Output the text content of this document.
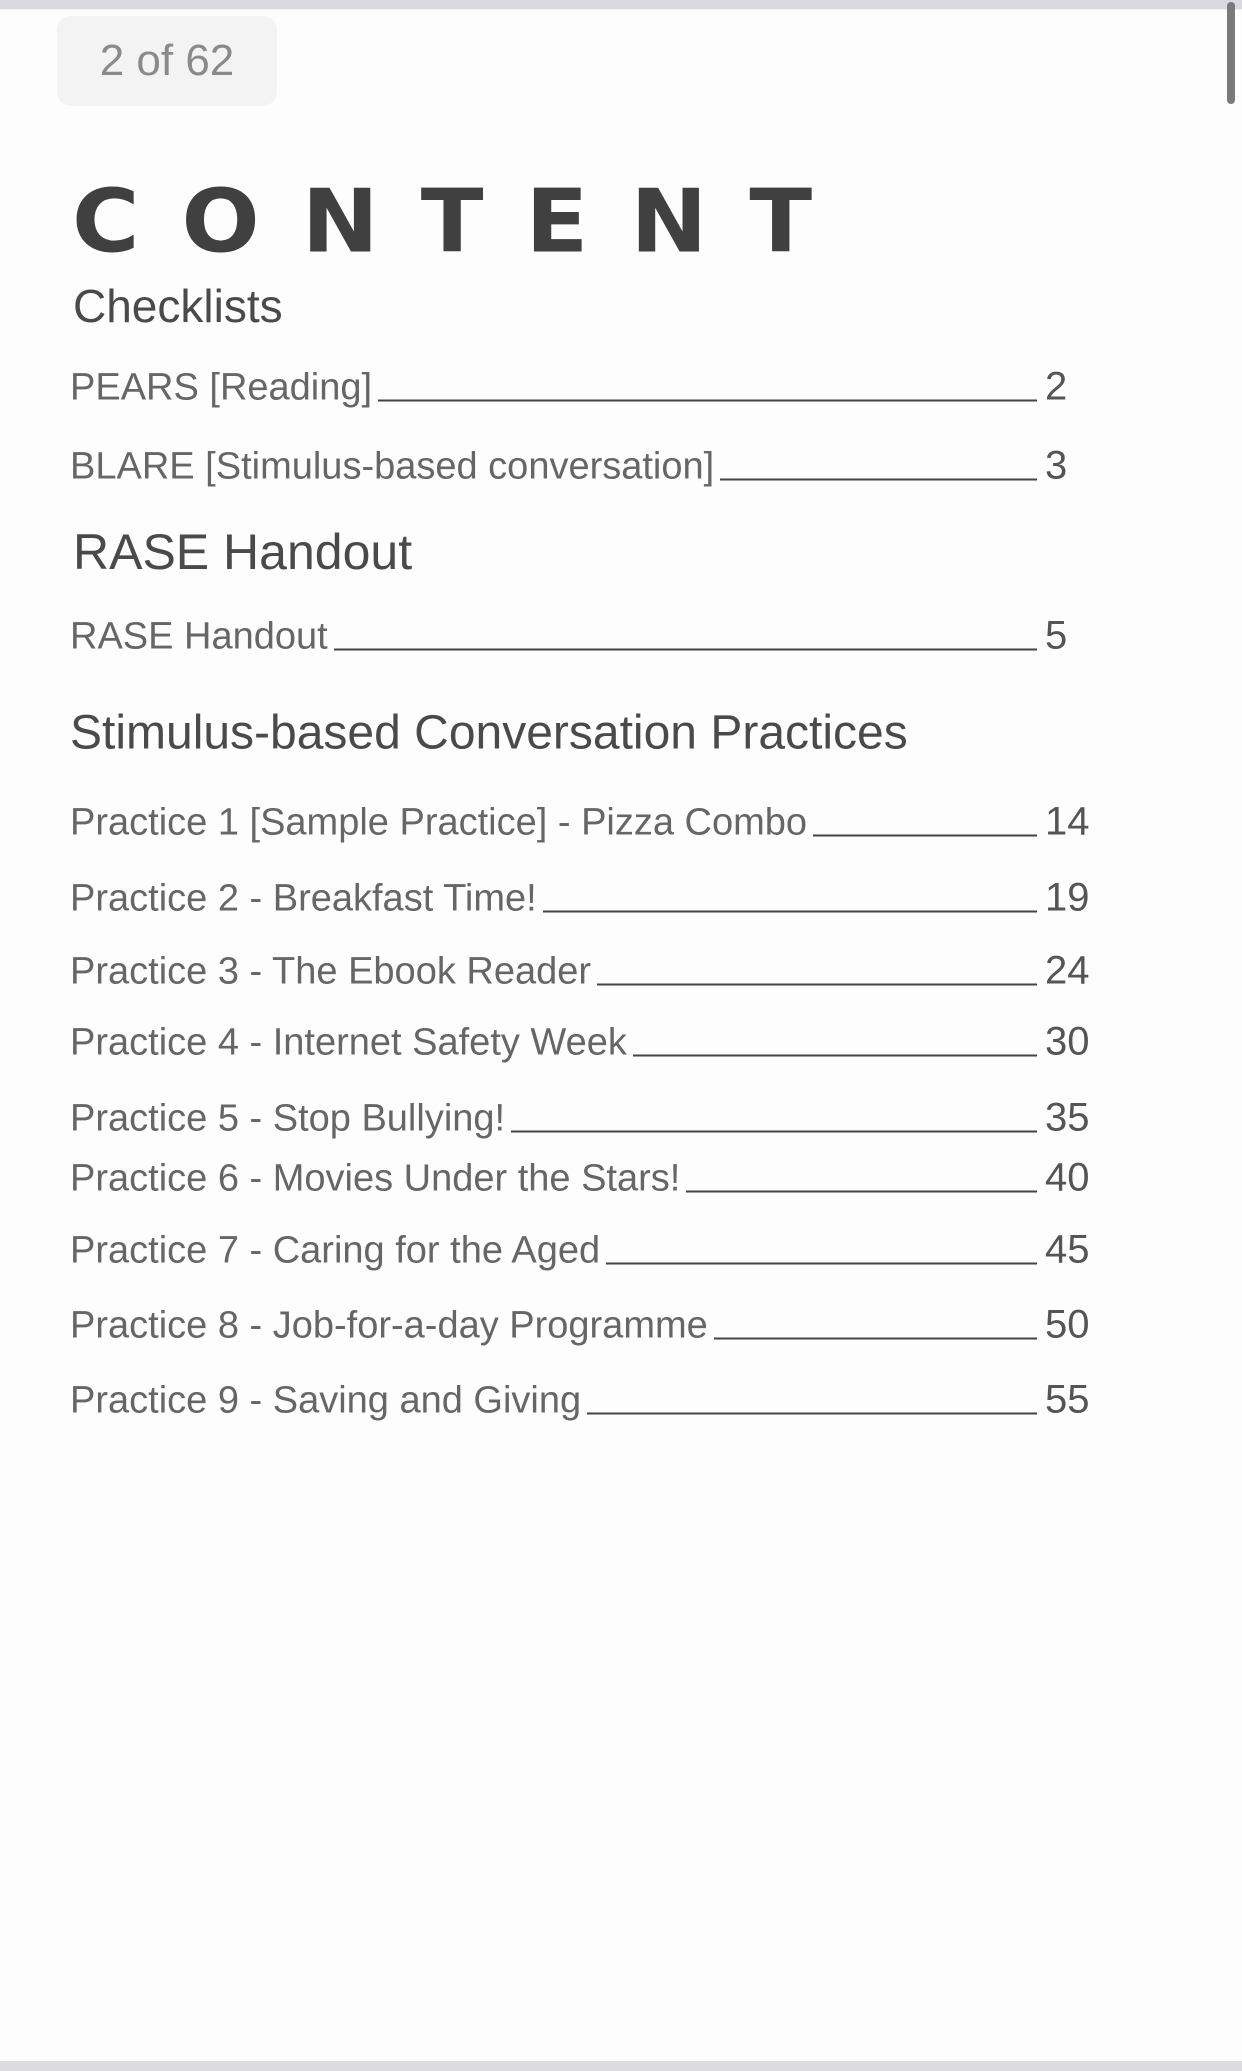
2 of 62
CONTENT
Checklists
PEARS [Reading]	2
BLARE [Stimulus-based conversation]	3
RASE Handout
RASE Handout	5
Stimulus-based Conversation Practices
Practice 1 [Sample Practice] - Pizza Combo	14
Practice 2 - Breakfast Time!	19
Practice 3 - The Ebook Reader	24
Practice 4 - Internet Safety Week	30
Practice 5 - Stop Bullying!	35
Practice 6 - Movies Under the Stars!	40
Practice 7 - Caring for the Aged	45
Practice 8 - Job-for-a-day Programme	50
Practice 9 - Saving and Giving	55
